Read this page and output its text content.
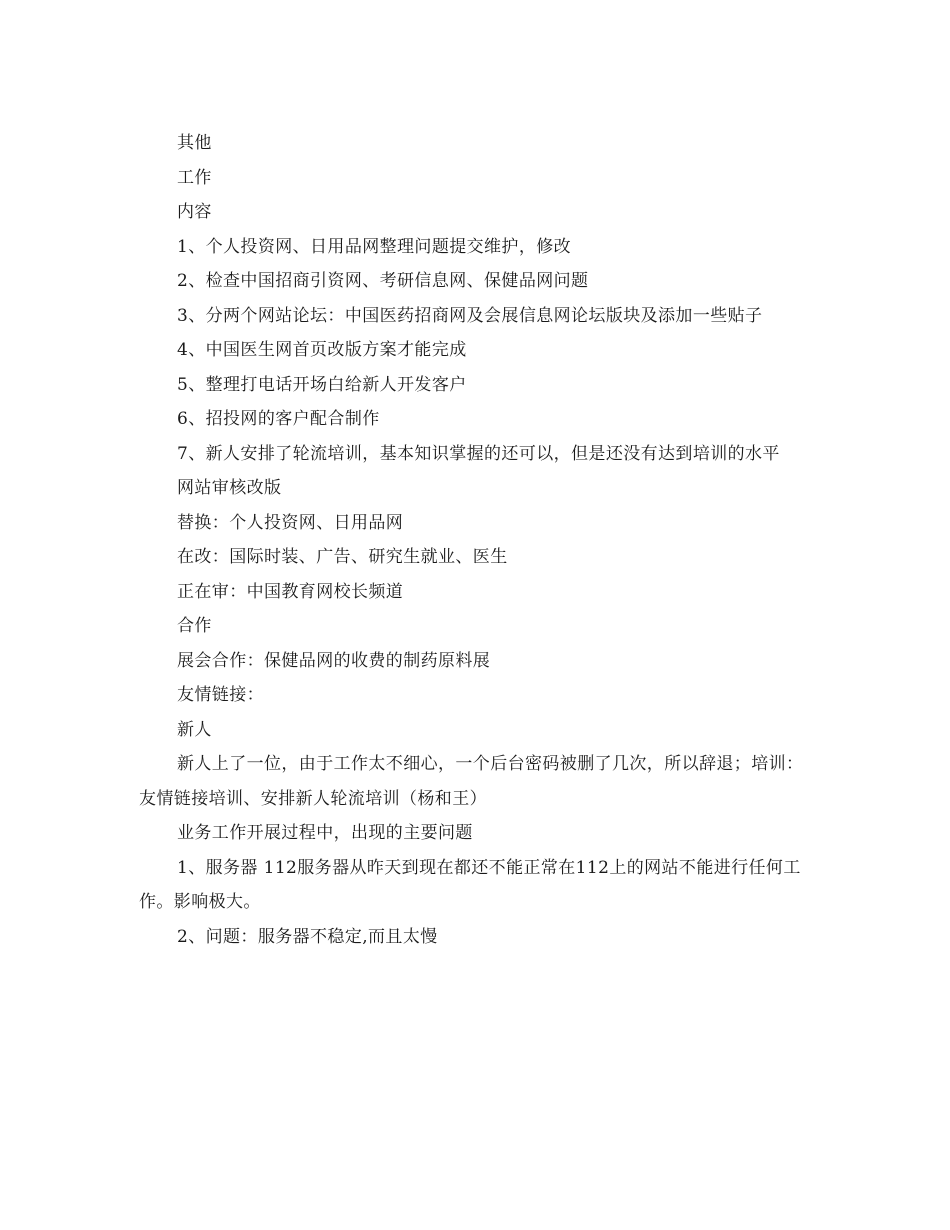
其他

工作

内容

1、个人投资网、日用品网整理问题提交维护，修改

2、检查中国招商引资网、考研信息网、保健品网问题

3、分两个网站论坛：中国医药招商网及会展信息网论坛版块及添加一些贴子

4、中国医生网首页改版方案才能完成

5、整理打电话开场白给新人开发客户

6、招投网的客户配合制作

7、新人安排了轮流培训，基本知识掌握的还可以，但是还没有达到培训的水平

网站审核改版

替换：个人投资网、日用品网

在改：国际时装、广告、研究生就业、医生

正在审：中国教育网校长频道

合作

展会合作：保健品网的收费的制药原料展

友情链接：

新人

新人上了一位，由于工作太不细心，一个后台密码被删了几次，所以辞退；培训：友情链接培训、安排新人轮流培训（杨和王）

业务工作开展过程中，出现的主要问题

1、服务器 112服务器从昨天到现在都还不能正常在112上的网站不能进行任何工作。影响极大。

2、问题：服务器不稳定,而且太慢
